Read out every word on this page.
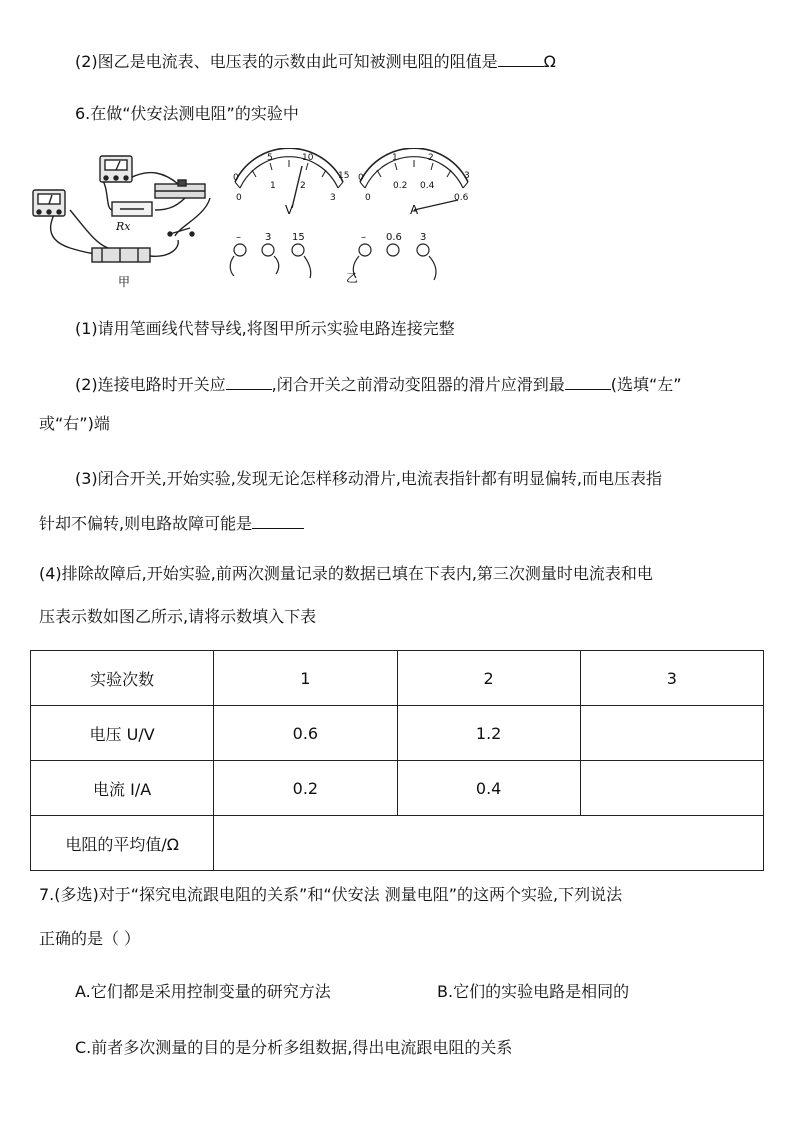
(2)图乙是电流表、电压表的示数由此可知被测电阻的阻值是	Ω
6.在做“伏安法测电阻”的实验中
Rx
甲
0
5	10
15
0
1	2
3
V
0
1	2
3
0
0.2 0.4
0.6
A
– 3 15	– 0.6 3
乙
(1)请用笔画线代替导线,将图甲所示实验电路连接完整
(2)连接电路时开关应	,闭合开关之前滑动变阻器的滑片应滑到最	(选填“左”
或“右”)端
(3)闭合开关,开始实验,发现无论怎样移动滑片,电流表指针都有明显偏转,而电压表指
针却不偏转,则电路故障可能是
(4)排除故障后,开始实验,前两次测量记录的数据已填在下表内,第三次测量时电流表和电
压表示数如图乙所示,请将示数填入下表
实验次数	1	2	3
电压 U/V	0.6	1.2	
电流 I/A	0.2	0.4	
电阻的平均值/Ω			
7.(多选)对于“探究电流跟电阻的关系”和“伏安法 测量电阻”的这两个实验,下列说法
正确的是（ ）
A.它们都是采用控制变量的研究方法	B.它们的实验电路是相同的
C.前者多次测量的目的是分析多组数据,得出电流跟电阻的关系
